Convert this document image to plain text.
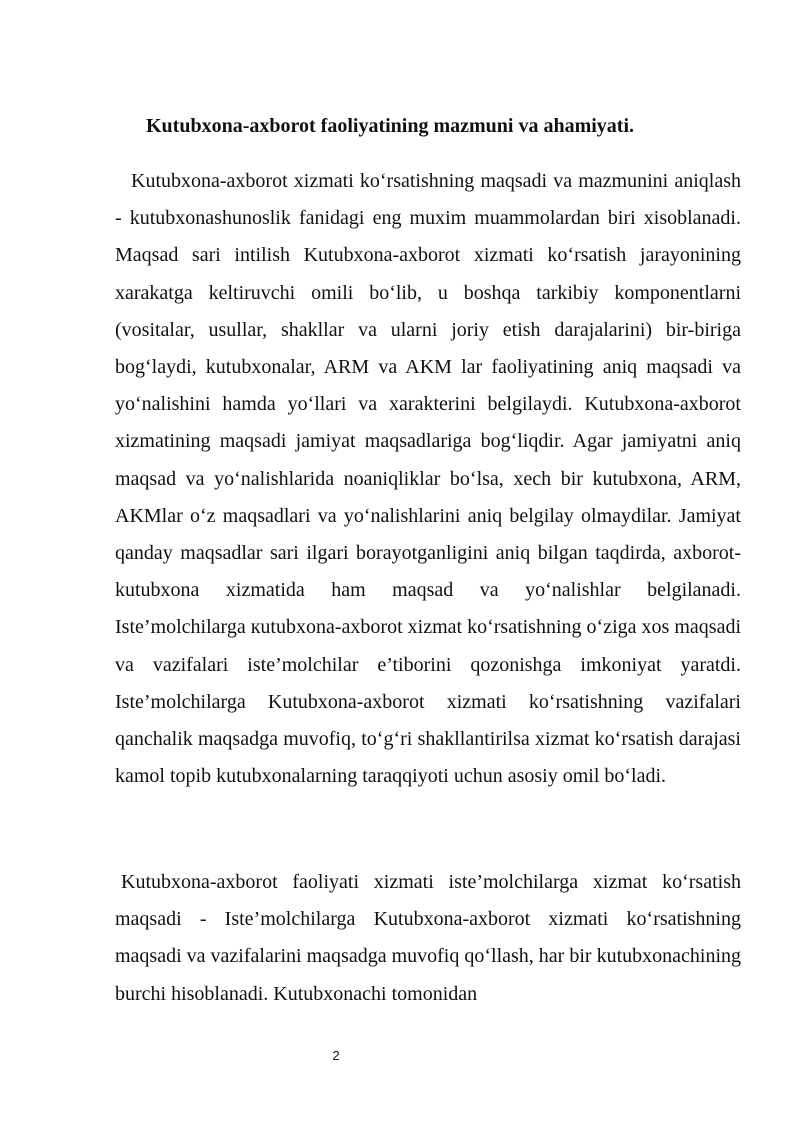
Kutubxona-axborot faoliyatining mazmuni va ahamiyati.

Kutubxona-axborot xizmati ko‘rsatishning maqsadi va mazmunini aniqlash - kutubxonashunoslik fanidagi eng muxim muammolardan biri xisoblanadi. Maqsad sari intilish Kutubxona-axborot xizmati ko‘rsatish jarayonining xarakatga keltiruvchi omili bo‘lib, u boshqa tarkibiy komponentlarni (vositalar, usullar, shakllar va ularni joriy etish darajalarini) bir-biriga bog‘laydi, kutubxonalar, ARM va AKM lar faoliyatining aniq maqsadi va yo‘nalishini hamda yo‘llari va xarakterini belgilaydi. Kutubxona-axborot xizmatining maqsadi jamiyat maqsadlariga bog‘liqdir. Agar jamiyatni aniq maqsad va yo‘nalishlarida noaniqliklar bo‘lsa, xech bir kutubxona, ARM, AKMlar o‘z maqsadlari va yo‘nalishlarini aniq belgilay olmaydilar. Jamiyat qanday maqsadlar sari ilgari borayotganligini aniq bilgan taqdirda, axborot- kutubxona xizmatida ham maqsad va yo‘nalishlar belgilanadi. Iste’molchilarga кutubxona-axborot xizmat ko‘rsatishning o‘ziga xos maqsadi va vazifalari iste’molchilar e’tiborini qozonishga imkoniyat yaratdi. Iste’molchilarga Kutubxona-axborot xizmati ko‘rsatishning vazifalari qanchalik maqsadga muvofiq, to‘g‘ri shakllantirilsa xizmat ko‘rsatish darajasi kamol topib kutubxonalarning taraqqiyoti uchun asosiy omil bo‘ladi.

Kutubxona-axborot faoliyati xizmati iste’molchilarga xizmat ko‘rsatish maqsadi - Iste’molchilarga Kutubxona-axborot xizmati ko‘rsatishning maqsadi va vazifalarini maqsadga muvofiq qo‘llash, har bir kutubxonachining burchi hisoblanadi. Kutubxonachi tomonidan

2
